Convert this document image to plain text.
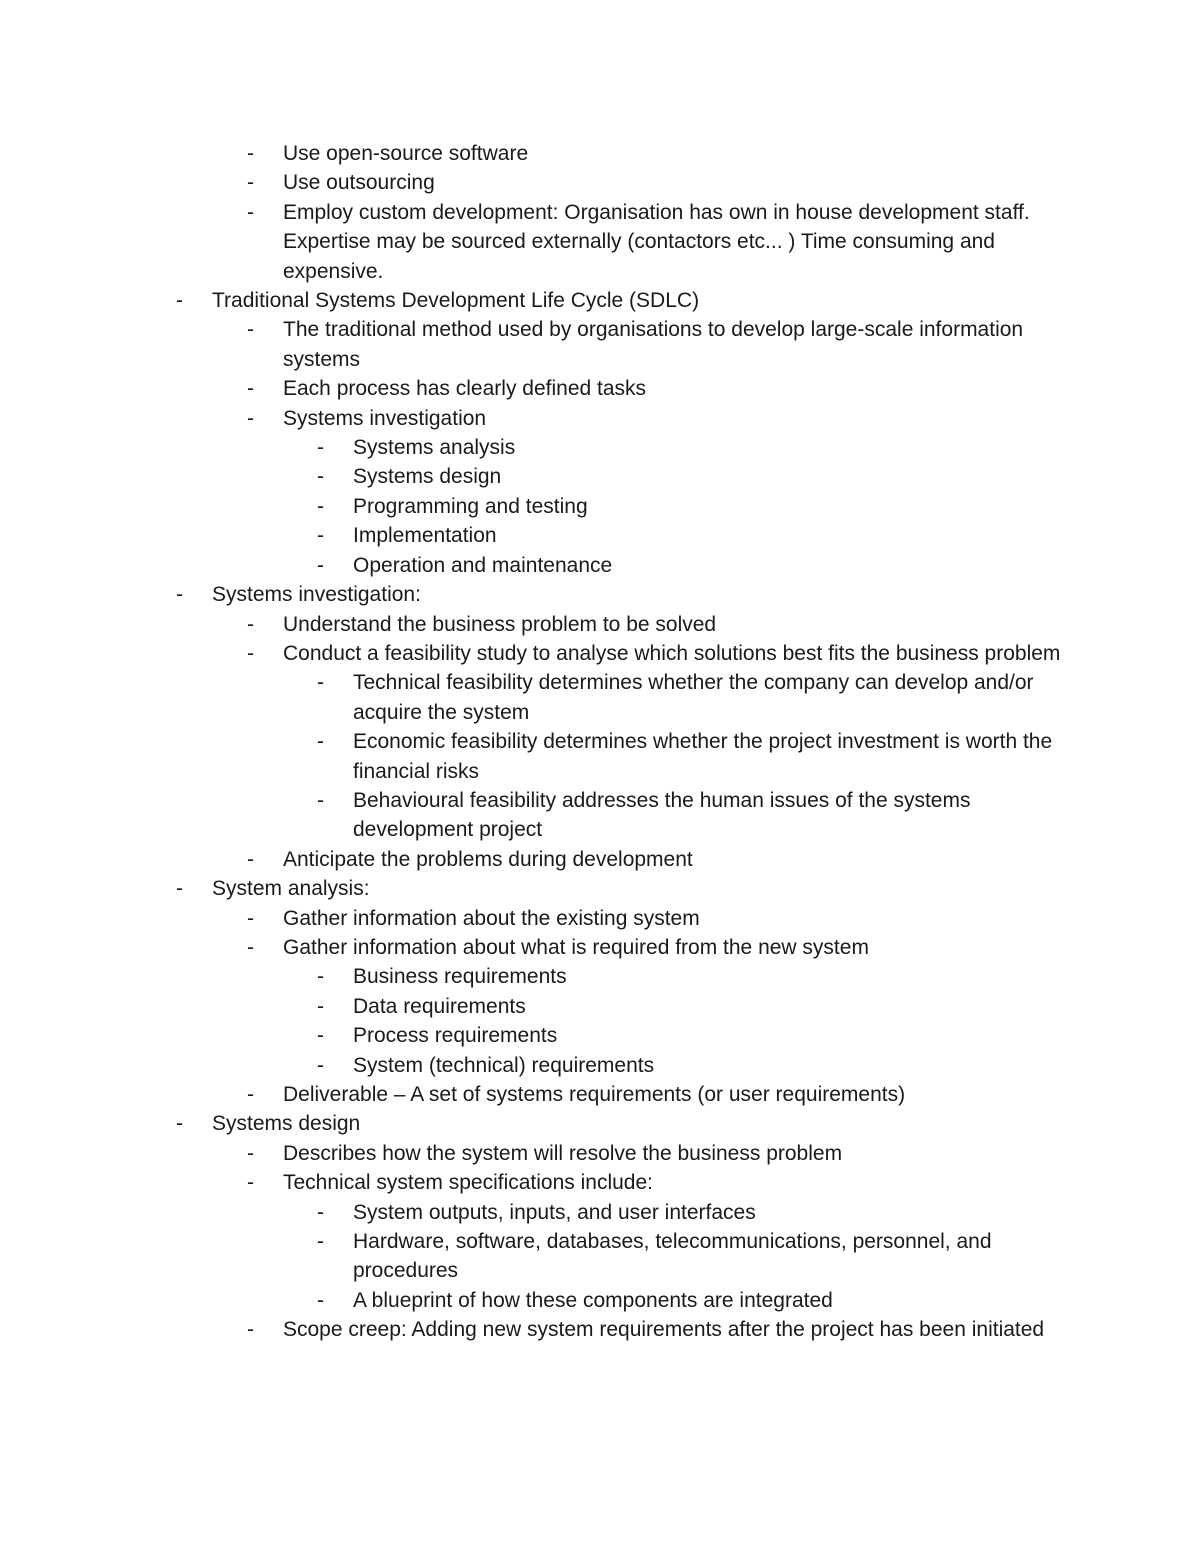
- Use open-source software
- Use outsourcing
- Employ custom development: Organisation has own in house development staff. Expertise may be sourced externally (contactors etc... ) Time consuming and expensive.
- Traditional Systems Development Life Cycle (SDLC)
- The traditional method used by organisations to develop large-scale information systems
- Each process has clearly defined tasks
- Systems investigation
- Systems analysis
- Systems design
- Programming and testing
- Implementation
- Operation and maintenance
- Systems investigation:
- Understand the business problem to be solved
- Conduct a feasibility study to analyse which solutions best fits the business problem
- Technical feasibility determines whether the company can develop and/or acquire the system
- Economic feasibility determines whether the project investment is worth the financial risks
- Behavioural feasibility addresses the human issues of the systems development project
- Anticipate the problems during development
- System analysis:
- Gather information about the existing system
- Gather information about what is required from the new system
- Business requirements
- Data requirements
- Process requirements
- System (technical) requirements
- Deliverable – A set of systems requirements (or user requirements)
- Systems design
- Describes how the system will resolve the business problem
- Technical system specifications include:
- System outputs, inputs, and user interfaces
- Hardware, software, databases, telecommunications, personnel, and procedures
- A blueprint of how these components are integrated
- Scope creep: Adding new system requirements after the project has been initiated
